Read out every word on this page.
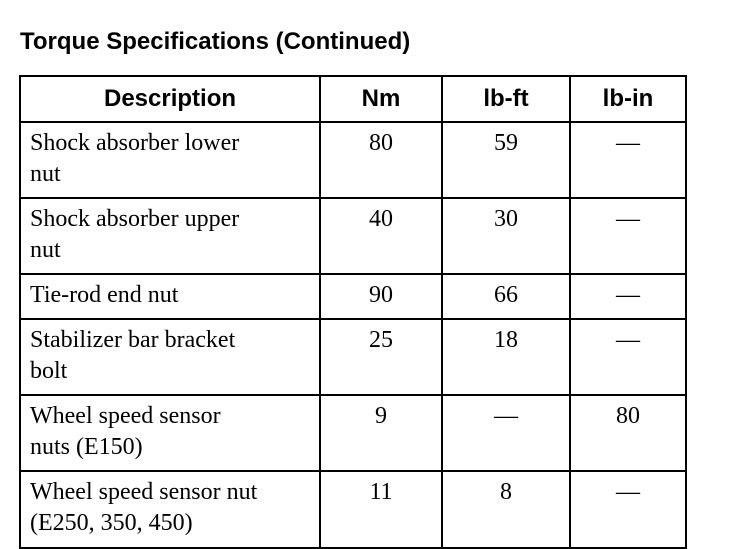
Torque Specifications (Continued)
Description	Nm	lb-ft	lb-in

Shock absorber lower
nut	80	59	—

Shock absorber upper
nut	40	30	—

Tie-rod end nut	90	66	—

Stabilizer bar bracket
bolt	25	18	—

Wheel speed sensor
nuts (E150)	9	—	80

Wheel speed sensor nut
(E250, 350, 450)	11	8	—
